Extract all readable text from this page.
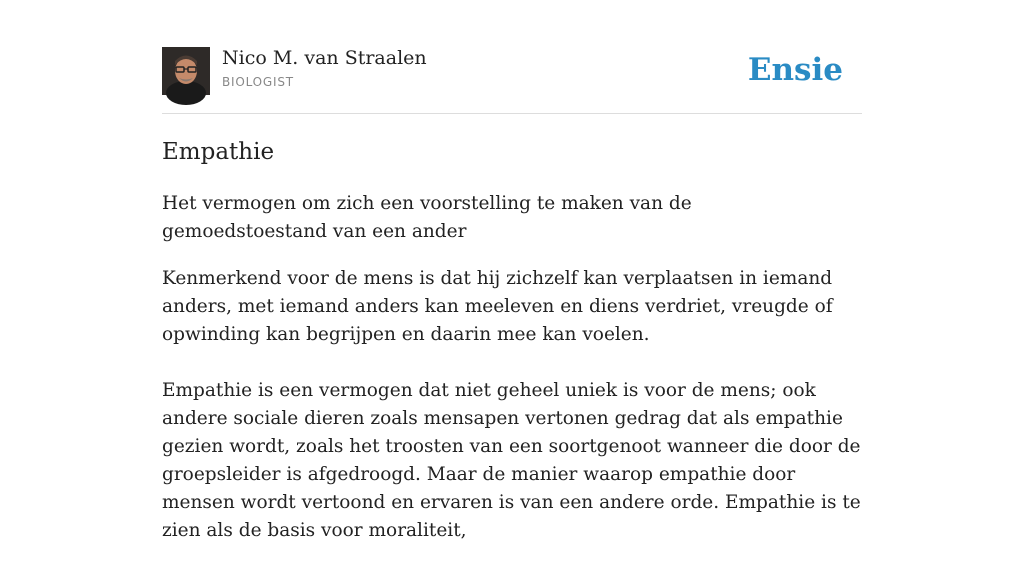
Nico M. van Straalen
BIOLOGIST	Ensie
Empathie

Het vermogen om zich een voorstelling te maken van de gemoedstoestand van een ander

Kenmerkend voor de mens is dat hij zichzelf kan verplaatsen in iemand anders, met iemand anders kan meeleven en diens verdriet, vreugde of opwinding kan begrijpen en daarin mee kan voelen.

Empathie is een vermogen dat niet geheel uniek is voor de mens; ook andere sociale dieren zoals mensapen vertonen gedrag dat als empathie gezien wordt, zoals het troosten van een soortgenoot wanneer die door de groepsleider is afgedroogd. Maar de manier waarop empathie door mensen wordt vertoond en ervaren is van een andere orde. Empathie is te zien als de basis voor moraliteit,
